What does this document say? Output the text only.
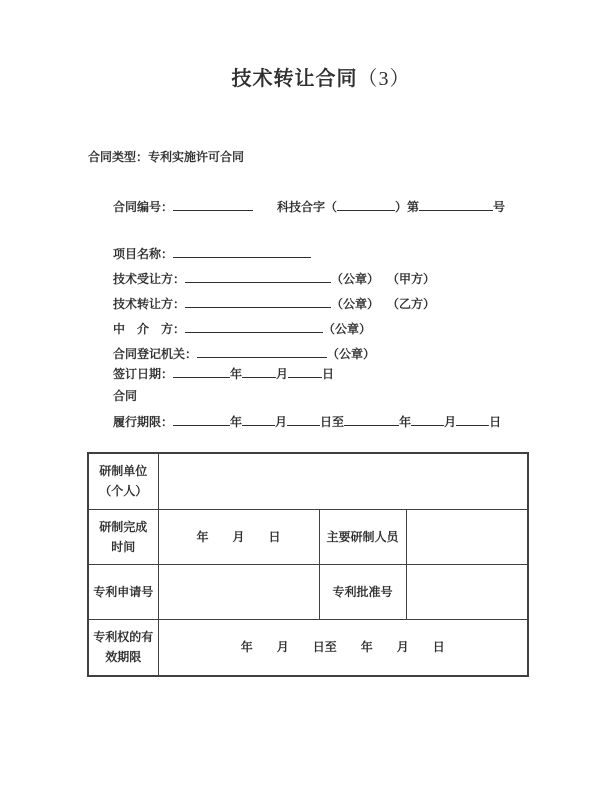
技术转让合同（3）
合同类型：专利实施许可合同
合同编号：	科技合字（	）第	号
项目名称：
技术受让方：	（公章） （甲方）
技术转让方：	（公章） （乙方）
中　介　方：	（公章）
合同登记机关：	（公章）
签订日期：	年	月	日
合同
履行期限：	年	月	日至	年	月	日
研制单位
（个人）			

研制完成
时间	年　　月　　日	主要研制人员	
专利申请号		专利批准号	

专利权的有
效期限	年　　月　　日至　　年　　月　　日		
